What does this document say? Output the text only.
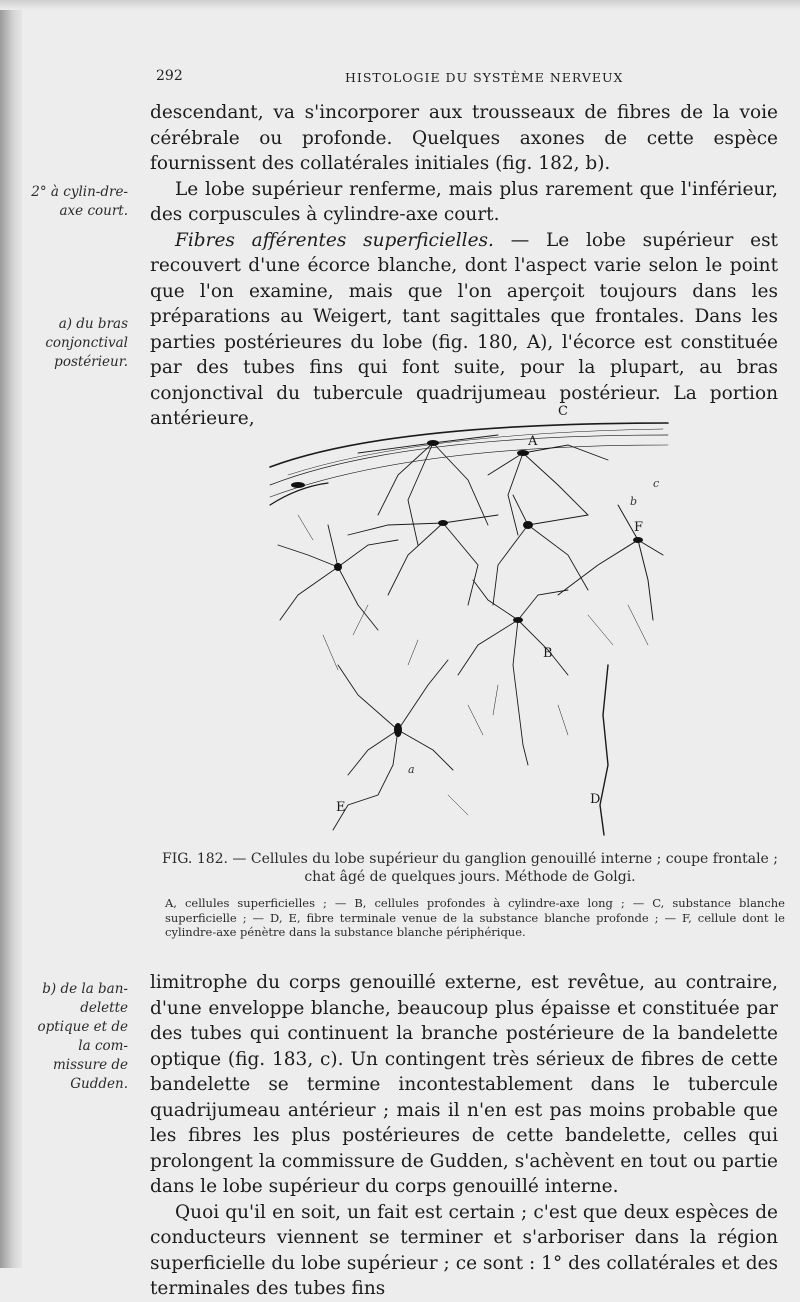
292	HISTOLOGIE DU SYSTÈME NERVEUX
2° à cylin-dre-axe court.
a) du bras conjonctival postérieur.
b) de la ban-delette optique et de la com-missure de Gudden.

descendant, va s'incorporer aux trousseaux de fibres de la voie cérébrale ou profonde. Quelques axones de cette espèce fournissent des collatérales initiales (fig. 182, b).

Le lobe supérieur renferme, mais plus rarement que l'inférieur, des corpuscules à cylindre-axe court.

Fibres afférentes superficielles. — Le lobe supérieur est recouvert d'une écorce blanche, dont l'aspect varie selon le point que l'on examine, mais que l'on aperçoit toujours dans les préparations au Weigert, tant sagittales que frontales. Dans les parties postérieures du lobe (fig. 180, A), l'écorce est constituée par des tubes fins qui font suite, pour la plupart, au bras conjonctival du tubercule quadrijumeau postérieur. La portion antérieure,	C
A
B
D
E
F
b
c
a
FIG. 182. — Cellules du lobe supérieur du ganglion genouillé interne ; coupe frontale ; chat âgé de quelques jours. Méthode de Golgi.
A, cellules superficielles ; — B, cellules profondes à cylindre-axe long ; — C, substance blanche superficielle ; — D, E, fibre terminale venue de la substance blanche profonde ; — F, cellule dont le cylindre-axe pénètre dans la substance blanche périphérique.

limitrophe du corps genouillé externe, est revêtue, au contraire, d'une enveloppe blanche, beaucoup plus épaisse et constituée par des tubes qui continuent la branche postérieure de la bandelette optique (fig. 183, c). Un contingent très sérieux de fibres de cette bandelette se termine incontestablement dans le tubercule quadrijumeau antérieur ; mais il n'en est pas moins probable que les fibres les plus postérieures de cette bandelette, celles qui prolongent la commissure de Gudden, s'achèvent en tout ou partie dans le lobe supérieur du corps genouillé interne.

Quoi qu'il en soit, un fait est certain ; c'est que deux espèces de conducteurs viennent se terminer et s'arboriser dans la région superficielle du lobe supérieur ; ce sont : 1° des collatérales et des terminales des tubes fins
